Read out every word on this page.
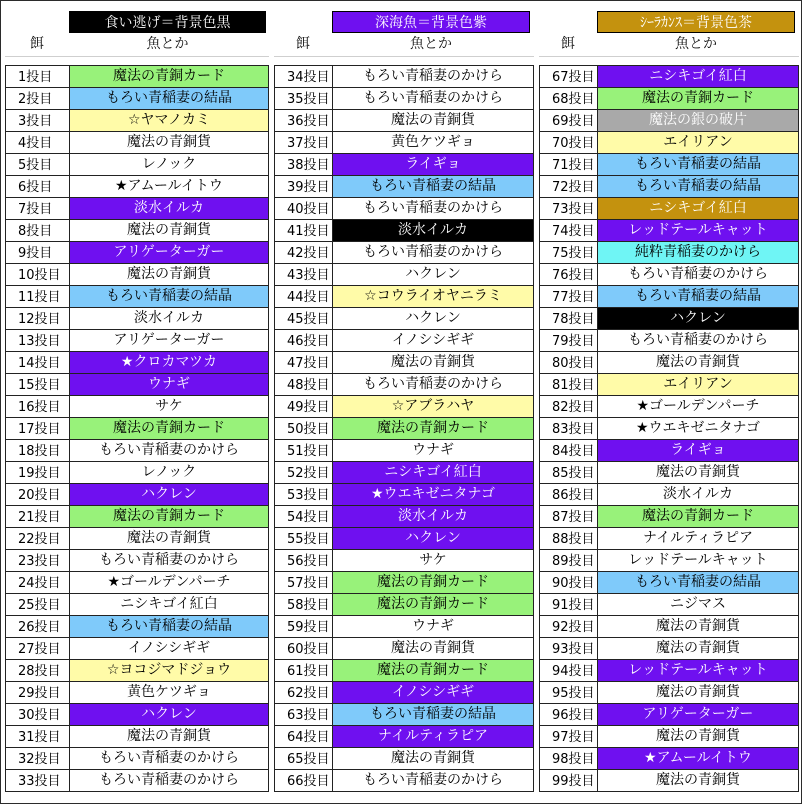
食い逃げ＝背景色黒
餌	魚とか
1投目	魔法の青銅カード
2投目	もろい青稲妻の結晶
3投目	☆ヤマノカミ
4投目	魔法の青銅貨
5投目	レノック
6投目	★アムールイトウ
7投目	淡水イルカ
8投目	魔法の青銅貨
9投目	アリゲーターガー
10投目	魔法の青銅貨
11投目	もろい青稲妻の結晶
12投目	淡水イルカ
13投目	アリゲーターガー
14投目	★クロカマツカ
15投目	ウナギ
16投目	サケ
17投目	魔法の青銅カード
18投目	もろい青稲妻のかけら
19投目	レノック
20投目	ハクレン
21投目	魔法の青銅カード
22投目	魔法の青銅貨
23投目	もろい青稲妻のかけら
24投目	★ゴールデンパーチ
25投目	ニシキゴイ紅白
26投目	もろい青稲妻の結晶
27投目	イノシシギギ
28投目	☆ヨコジマドジョウ
29投目	黄色ケツギョ
30投目	ハクレン
31投目	魔法の青銅貨
32投目	もろい青稲妻のかけら
33投目	もろい青稲妻のかけら
深海魚＝背景色紫
餌	魚とか
34投目	もろい青稲妻のかけら
35投目	もろい青稲妻のかけら
36投目	魔法の青銅貨
37投目	黄色ケツギョ
38投目	ライギョ
39投目	もろい青稲妻の結晶
40投目	もろい青稲妻のかけら
41投目	淡水イルカ
42投目	もろい青稲妻のかけら
43投目	ハクレン
44投目	☆コウライオヤニラミ
45投目	ハクレン
46投目	イノシシギギ
47投目	魔法の青銅貨
48投目	もろい青稲妻のかけら
49投目	☆アブラハヤ
50投目	魔法の青銅カード
51投目	ウナギ
52投目	ニシキゴイ紅白
53投目	★ウエキゼニタナゴ
54投目	淡水イルカ
55投目	ハクレン
56投目	サケ
57投目	魔法の青銅カード
58投目	魔法の青銅カード
59投目	ウナギ
60投目	魔法の青銅貨
61投目	魔法の青銅カード
62投目	イノシシギギ
63投目	もろい青稲妻の結晶
64投目	ナイルティラピア
65投目	魔法の青銅貨
66投目	もろい青稲妻のかけら
ｼｰﾗｶﾝｽ＝背景色茶
餌	魚とか
67投目	ニシキゴイ紅白
68投目	魔法の青銅カード
69投目	魔法の銀の破片
70投目	エイリアン
71投目	もろい青稲妻の結晶
72投目	もろい青稲妻の結晶
73投目	ニシキゴイ紅白
74投目	レッドテールキャット
75投目	純粋青稲妻のかけら
76投目	もろい青稲妻のかけら
77投目	もろい青稲妻の結晶
78投目	ハクレン
79投目	もろい青稲妻のかけら
80投目	魔法の青銅貨
81投目	エイリアン
82投目	★ゴールデンパーチ
83投目	★ウエキゼニタナゴ
84投目	ライギョ
85投目	魔法の青銅貨
86投目	淡水イルカ
87投目	魔法の青銅カード
88投目	ナイルティラピア
89投目	レッドテールキャット
90投目	もろい青稲妻の結晶
91投目	ニジマス
92投目	魔法の青銅貨
93投目	魔法の青銅貨
94投目	レッドテールキャット
95投目	魔法の青銅貨
96投目	アリゲーターガー
97投目	魔法の青銅貨
98投目	★アムールイトウ
99投目	魔法の青銅貨
